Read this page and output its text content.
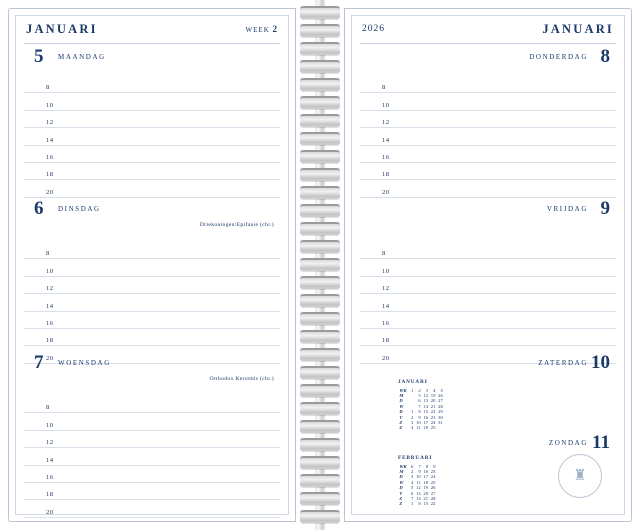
JANUARI	WEEK 2
5 MAANDAG
8
10
12
14
16
18
20
6 DINSDAG
Driekoningen/Epifanie (chr.)
8
10
12
14
16
18
20
7 WOENSDAG
Orthodox Kerstmis (chr.)
8
10
12
14
16
18
20
2026	JANUARI
8
DONDERDAG
8
10
12
14
16
18
20
9
VRIJDAG
8
10
12
14
16
18
20	10
ZATERDAG
11
ZONDAG
JANUARI
WK	1	2	3	4	5
M		5	12	19	26
D		6	13	20	27
W		7	14	21	28
D	1	8	15	22	29
V	2	9	16	23	30
Z	3	10	17	24	31
Z	4	11	18	25	
FEBRUARI
WK	6	7	8	9
M	2	9	16	23
D	3	10	17	24
W	4	11	18	25
D	5	12	19	26
V	6	13	20	27
Z	7	14	21	28
Z	1	8	15	22
♜
